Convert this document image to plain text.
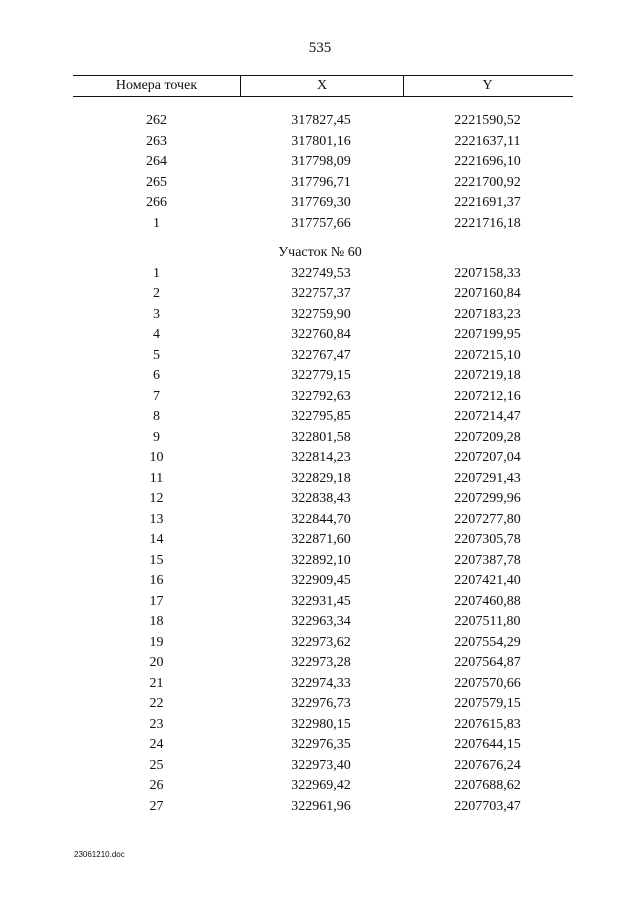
535
Номера точек	X	Y
262	317827,45	2221590,52
263	317801,16	2221637,11
264	317798,09	2221696,10
265	317796,71	2221700,92
266	317769,30	2221691,37
1	317757,66	2221716,18
Участок № 60
1	322749,53	2207158,33
2	322757,37	2207160,84
3	322759,90	2207183,23
4	322760,84	2207199,95
5	322767,47	2207215,10
6	322779,15	2207219,18
7	322792,63	2207212,16
8	322795,85	2207214,47
9	322801,58	2207209,28
10	322814,23	2207207,04
11	322829,18	2207291,43
12	322838,43	2207299,96
13	322844,70	2207277,80
14	322871,60	2207305,78
15	322892,10	2207387,78
16	322909,45	2207421,40
17	322931,45	2207460,88
18	322963,34	2207511,80
19	322973,62	2207554,29
20	322973,28	2207564,87
21	322974,33	2207570,66
22	322976,73	2207579,15
23	322980,15	2207615,83
24	322976,35	2207644,15
25	322973,40	2207676,24
26	322969,42	2207688,62
27	322961,96	2207703,47
23061210.doc
